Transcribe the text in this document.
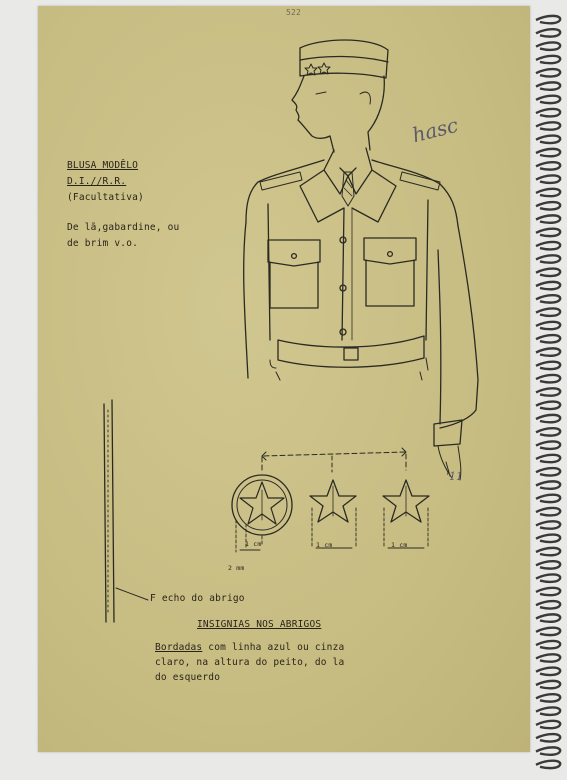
522
BLUSA MODÊLO
D.I.//R.R.
(Facultativa)
De lã,gabardine, ou
de brim v.o.
hasc
1 cm	1 cm	1 cm
2 mm
'11
F echo do abrigo
INSIGNIAS NOS ABRIGOS
Bordadas com linha azul ou cinza
claro, na altura do peito, do la
do esquerdo
